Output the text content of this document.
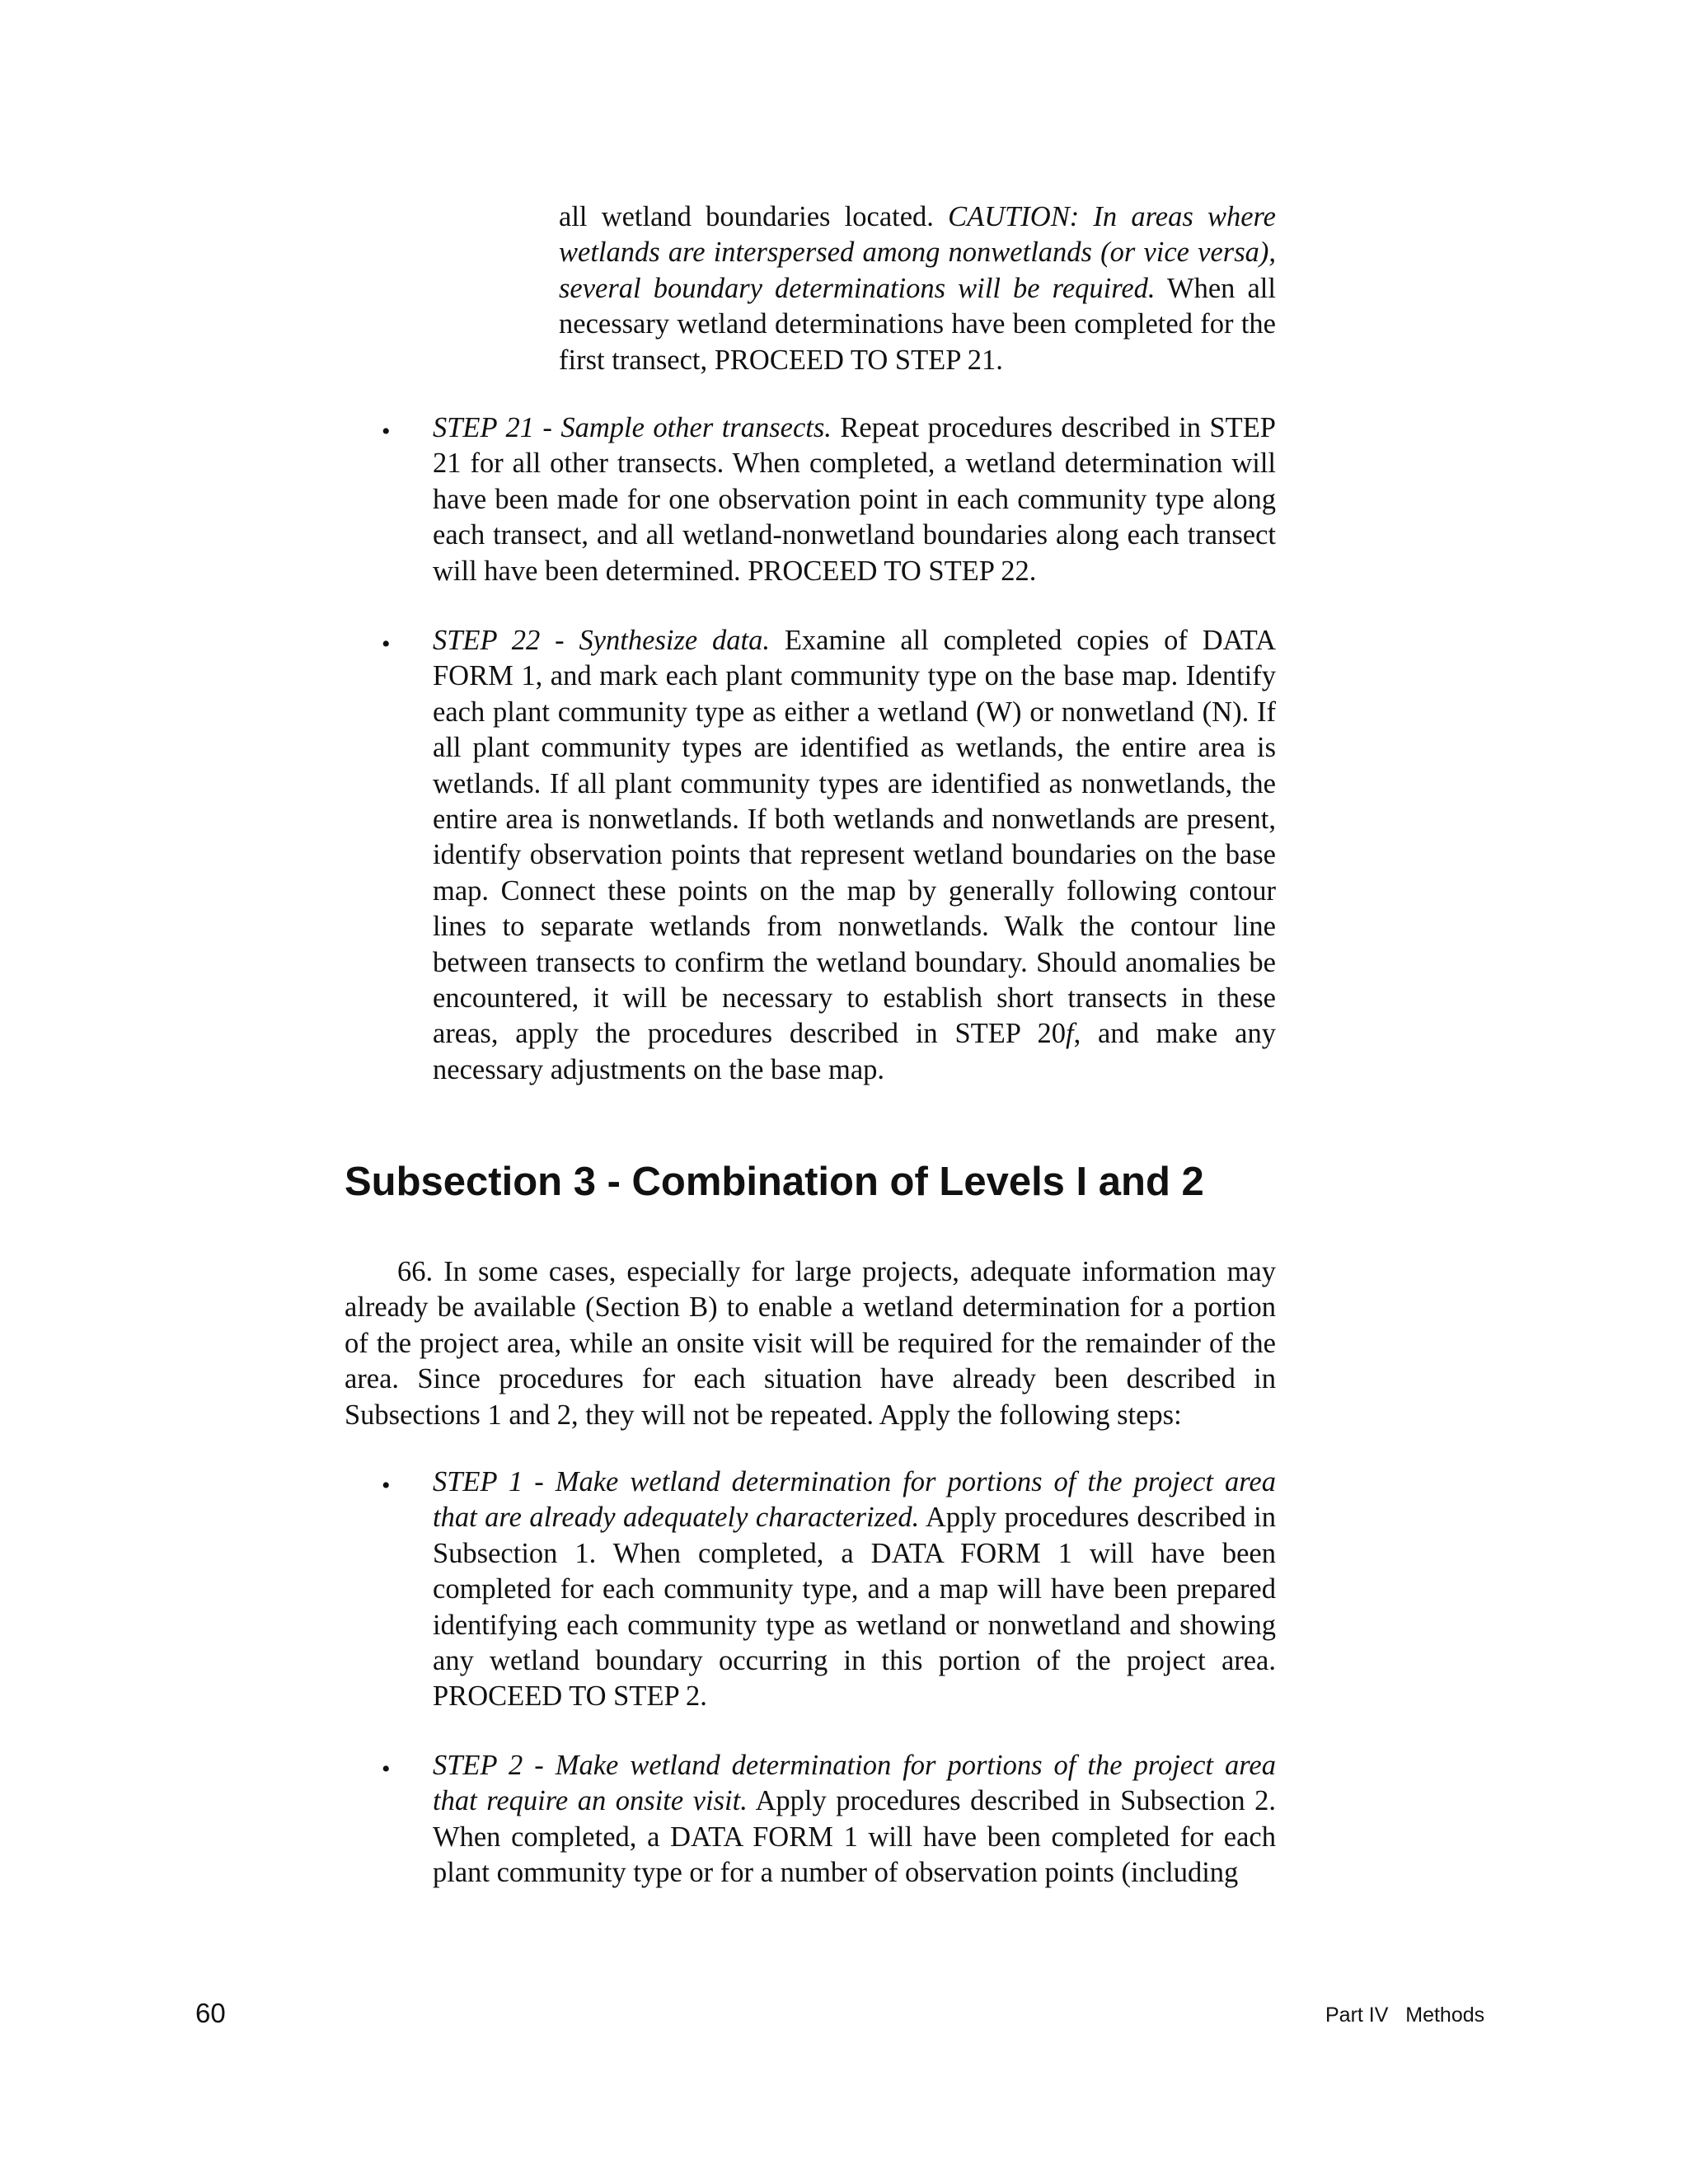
all wetland boundaries located. CAUTION: In areas where wetlands are interspersed among nonwetlands (or vice versa), several boundary determinations will be required. When all necessary wetland determinations have been completed for the first transect, PROCEED TO STEP 21.

• STEP 21 - Sample other transects. Repeat procedures described in STEP 21 for all other transects. When completed, a wetland determination will have been made for one observation point in each community type along each transect, and all wetland-nonwetland boundaries along each transect will have been determined. PROCEED TO STEP 22.

• STEP 22 - Synthesize data. Examine all completed copies of DATA FORM 1, and mark each plant community type on the base map. Identify each plant community type as either a wetland (W) or nonwetland (N). If all plant community types are identified as wetlands, the entire area is wetlands. If all plant community types are identified as nonwetlands, the entire area is nonwetlands. If both wetlands and nonwetlands are present, identify observation points that represent wetland boundaries on the base map. Connect these points on the map by generally following contour lines to separate wetlands from nonwetlands. Walk the contour line between transects to confirm the wetland boundary. Should anomalies be encountered, it will be necessary to establish short transects in these areas, apply the procedures described in STEP 20f, and make any necessary adjustments on the base map.

Subsection 3 - Combination of Levels I and 2

66. In some cases, especially for large projects, adequate information may already be available (Section B) to enable a wetland determination for a portion of the project area, while an onsite visit will be required for the remainder of the area. Since procedures for each situation have already been described in Subsections 1 and 2, they will not be repeated. Apply the following steps:

• STEP 1 - Make wetland determination for portions of the project area that are already adequately characterized. Apply procedures described in Subsection 1. When completed, a DATA FORM 1 will have been completed for each community type, and a map will have been prepared identifying each community type as wetland or nonwetland and showing any wetland boundary occurring in this portion of the project area. PROCEED TO STEP 2.

• STEP 2 - Make wetland determination for portions of the project area that require an onsite visit. Apply procedures described in Subsection 2. When completed, a DATA FORM 1 will have been completed for each plant community type or for a number of observation points (including

60	Part IV   Methods
